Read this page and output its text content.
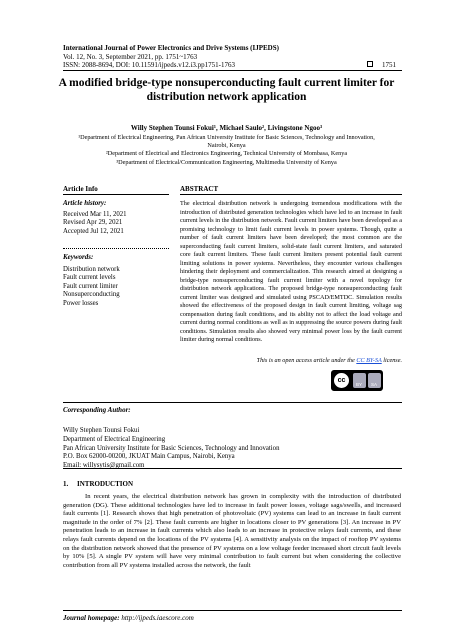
International Journal of Power Electronics and Drive Systems (IJPEDS)
Vol. 12, No. 3, September 2021, pp. 1751~1763
ISSN: 2088-8694, DOI: 10.11591/ijpeds.v12.i3.pp1751-1763	1751
A modified bridge-type nonsuperconducting fault current limiter for distribution network application
Willy Stephen Tounsi Fokui¹, Michael Saulo², Livingstone Ngoo³
¹Department of Electrical Engineering, Pan African University Institute for Basic Sciences, Technology and Innovation,
Nairobi, Kenya
²Department of Electrical and Electronics Engineering, Technical University of Mombasa, Kenya
³Department of Electrical/Communication Engineering, Multimedia University of Kenya
Article Info
Article history:
Received Mar 11, 2021
Revised Apr 29, 2021
Accepted Jul 12, 2021
Keywords:
Distribution network
Fault current levels
Fault current limiter
Nonsuperconducting
Power losses
ABSTRACT
The electrical distribution network is undergoing tremendous modifications with the introduction of distributed generation technologies which have led to an increase in fault current levels in the distribution network. Fault current limiters have been developed as a promising technology to limit fault current levels in power systems. Though, quite a number of fault current limiters have been developed; the most common are the superconducting fault current limiters, solid-state fault current limiters, and saturated core fault current limiters. These fault current limiters present potential fault current limiting solutions in power systems. Nevertheless, they encounter various challenges hindering their deployment and commercialization. This research aimed at designing a bridge-type nonsuperconducting fault current limiter with a novel topology for distribution network applications. The proposed bridge-type nonsuperconducting fault current limiter was designed and simulated using PSCAD/EMTDC. Simulation results showed the effectiveness of the proposed design in fault current limiting, voltage sag compensation during fault conditions, and its ability not to affect the load voltage and current during normal conditions as well as in suppressing the source powers during fault conditions. Simulation results also showed very minimal power loss by the fault current limiter during normal conditions.
This is an open access article under the CC BY-SA license.
cc
BY SA
Corresponding Author:
Willy Stephen Tounsi Fokui
Department of Electrical Engineering
Pan African University Institute for Basic Sciences, Technology and Innovation
P.O. Box 62000-00200, JKUAT Main Campus, Nairobi, Kenya
Email: willysytis@gmail.com
1.     INTRODUCTION
In recent years, the electrical distribution network has grown in complexity with the introduction of distributed generation (DG). These additional technologies have led to increase in fault power losses, voltage sags/swells, and increased fault currents [1]. Research shows that high penetration of photovoltaic (PV) systems can lead to an increase in fault current magnitude in the order of 7% [2]. These fault currents are higher in locations closer to PV generations [3]. An increase in PV penetration leads to an increase in fault currents which also leads to an increase in protective relays fault currents, and these relays fault currents depend on the locations of the PV systems [4]. A sensitivity analysis on the impact of rooftop PV systems on the distribution network showed that the presence of PV systems on a low voltage feeder increased short circuit fault levels by 10% [5]. A single PV system will have very minimal contribution to fault current but when considering the collective contribution from all PV systems installed across the network, the fault
Journal homepage: http://ijpeds.iaescore.com
